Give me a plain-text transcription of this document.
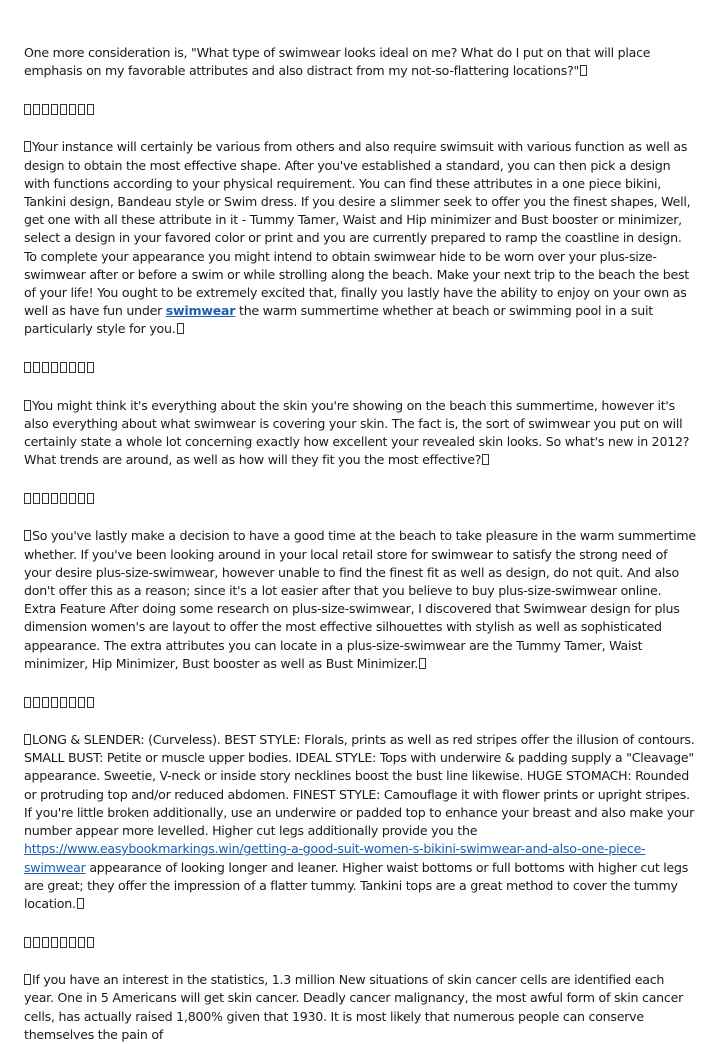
One more consideration is, "What type of swimwear looks ideal on me? What do I put on that will place emphasis on my favorable attributes and also distract from my not-so-flattering locations?"

Your instance will certainly be various from others and also require swimsuit with various function as well as design to obtain the most effective shape. After you've established a standard, you can then pick a design with functions according to your physical requirement. You can find these attributes in a one piece bikini, Tankini design, Bandeau style or Swim dress. If you desire a slimmer seek to offer you the finest shapes, Well, get one with all these attribute in it - Tummy Tamer, Waist and Hip minimizer and Bust booster or minimizer, select a design in your favored color or print and you are currently prepared to ramp the coastline in design. To complete your appearance you might intend to obtain swimwear hide to be worn over your plus-size-swimwear after or before a swim or while strolling along the beach. Make your next trip to the beach the best of your life! You ought to be extremely excited that, finally you lastly have the ability to enjoy on your own as well as have fun under swimwear the warm summertime whether at beach or swimming pool in a suit particularly style for you.

You might think it's everything about the skin you're showing on the beach this summertime, however it's also everything about what swimwear is covering your skin. The fact is, the sort of swimwear you put on will certainly state a whole lot concerning exactly how excellent your revealed skin looks. So what's new in 2012? What trends are around, as well as how will they fit you the most effective?

So you've lastly make a decision to have a good time at the beach to take pleasure in the warm summertime whether. If you've been looking around in your local retail store for swimwear to satisfy the strong need of your desire plus-size-swimwear, however unable to find the finest fit as well as design, do not quit. And also don't offer this as a reason; since it's a lot easier after that you believe to buy plus-size-swimwear online. Extra Feature After doing some research on plus-size-swimwear, I discovered that Swimwear design for plus dimension women's are layout to offer the most effective silhouettes with stylish as well as sophisticated appearance. The extra attributes you can locate in a plus-size-swimwear are the Tummy Tamer, Waist minimizer, Hip Minimizer, Bust booster as well as Bust Minimizer.

LONG & SLENDER: (Curveless). BEST STYLE: Florals, prints as well as red stripes offer the illusion of contours. SMALL BUST: Petite or muscle upper bodies. IDEAL STYLE: Tops with underwire & padding supply a "Cleavage" appearance. Sweetie, V-neck or inside story necklines boost the bust line likewise. HUGE STOMACH: Rounded or protruding top and/or reduced abdomen. FINEST STYLE: Camouflage it with flower prints or upright stripes. If you're little broken additionally, use an underwire or padded top to enhance your breast and also make your number appear more levelled. Higher cut legs additionally provide you the https://www.easybookmarkings.win/getting-a-good-suit-women-s-bikini-swimwear-and-also-one-piece-swimwear appearance of looking longer and leaner. Higher waist bottoms or full bottoms with higher cut legs are great; they offer the impression of a flatter tummy. Tankini tops are a great method to cover the tummy location.

If you have an interest in the statistics, 1.3 million New situations of skin cancer cells are identified each year. One in 5 Americans will get skin cancer. Deadly cancer malignancy, the most awful form of skin cancer cells, has actually raised 1,800% given that 1930. It is most likely that numerous people can conserve themselves the pain of
